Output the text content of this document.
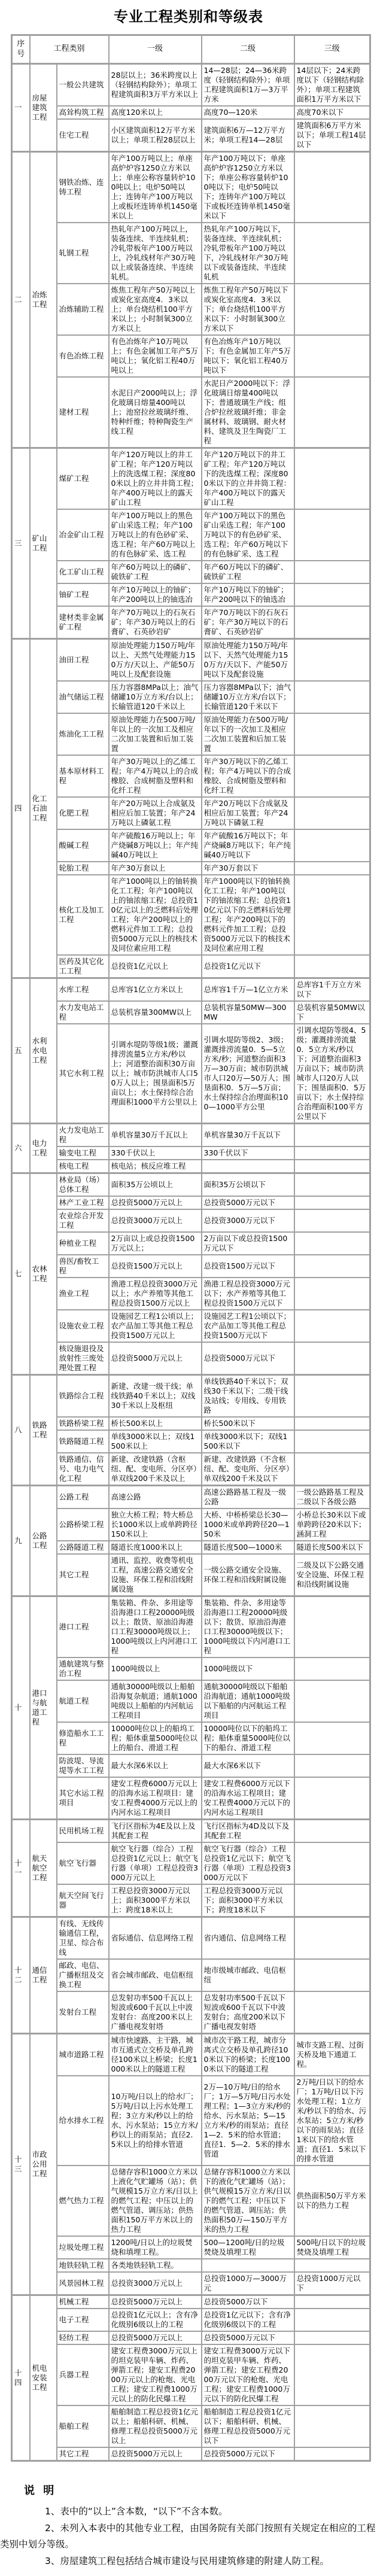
专业工程类别和等级表
序号	工程类别		一级	二级	三级
一	房屋建筑工程	一般公共建筑	28层以上；36米跨度以上（轻钢结构除外）；单项工程建筑面积3万平方米以上	14—28层；24—36米跨度（轻钢结构除外）；单项工程建筑面积1万—3万平方米	14层以下；24米跨度以下（轻钢结构除外）；单项工程建筑面积1万平方米以下
		高耸构筑工程	高度120米以上	高度70—120米	高度70米以下
		住宅工程	小区建筑面积12万平方米以上；单项工程28层以上	建筑面积6万—12万平方米；单项工程14—28层	建筑面积6万平方米以下；单项工程14层以下
二	冶炼工程	钢铁冶炼、连铸工程	年产100万吨以上；单座高炉炉容1250立方米以上；单座公称容量转炉100吨以上；电炉50吨以上；连铸年产100万吨以上或板坯连铸单机1450毫米以上	年产100万吨以下；单座高炉炉容1250立方米以下；单座公称容量转炉100吨以下；电炉50吨以下；连铸年产100万吨以下或板坯连铸单机1450毫米以下	
		轧钢工程	热轧年产100万吨以上，装备连续、半连续轧机；冷轧带板年产100万吨以上，冷轧线材年产30万吨以上或装备连续、半连续轧机。	热轧年产100万吨以下，装备连续、半连续轧机；冷轧带板年产100万吨以下，冷轧线材年产30万吨以下或装备连续、半连续轧机	
		冶炼辅助工程	炼焦工程年产50万吨以上或炭化室高度4．3米以上；单台烧结机100平方米以上；小时制氧300立方米以上	炼焦工程年产50万吨以下或炭化室高度4．3米以下；单台烧结机100平方米以下：小时制氧300立方米以下	
		有色冶炼工程	有色冶炼年产10万吨以上；有色金属加工年产5万吨以上；氧化铝工程40万吨以上	有色冶炼年产10万吨以下；有色金属加工年产5万吨以下；氧化铝工程40万吨以下	
		建材工程	水泥日产2000吨以上；浮化玻璃日熔量400吨以上；池窑拉丝玻璃纤维、特种纤维；特种陶瓷生产线工程	水泥日产2000吨以下：浮化玻璃日熔量400吨以下；普通玻璃生产线；组合炉拉丝玻璃纤维；非金属材料、玻璃钢、耐火材料、建筑及卫生陶瓷厂工程	
三	矿山工程	煤矿工程	年产120万吨以上的井工矿工程；年产120万吨以上的洗选煤工程；深度800米以上的立井井筒工程；年产400万吨以上的露天矿山工程	年产120万吨以下的井工矿工程；年产120万吨以下的洗选煤工程；深度800米以下的立井井筒工程：年产400万吨以下的露天矿山工程	
		冶金矿山工程	年产100万吨以上的黑色矿山采选工程；年产100万吨以上的有色砂矿采、选工程；年产60万吨以上的有色脉矿采、选工程	年产100万吨以下的黑色矿山采选工程；年产100万吨以下的有色砂矿采、选工程；年产60万吨以下的有色脉矿采、选工程	
		化工矿山工程	年产60万吨以上的磷矿、硫铁矿工程	年产60万吨以下的磷矿、硫铁矿工程	
		铀矿工程	年产10万吨以上的铀矿；年产200吨以上的铀选冶	年产10万吨以下的铀矿；年产200吨以下的铀选冶	
		建材类非金属矿工程	年产70万吨以上的石灰石矿；年产30万吨以上的石膏矿、石英砂岩矿	年产70万吨以下的石灰石矿；年产30万吨以下的石膏矿、石英砂岩矿	
四	化工石油工程	油田工程	原油处理能力150万吨/年以上、天然气处理能力150万方/天以上、产能50万吨以上及配套设施	原油处理能力150万吨/年以下、天然气处理能力150万方/天以下、产能50万吨以下及配套设施	
		油气储运工程	压力容器8MPa以上；油气储罐10万立方米/台以上；长输管道120千米以上	压力容器8MPa以下；油气储罐10万立方米/台以下；长输管道120千米以下	
		炼油化工工程	原油处理能力在500万吨/年以上的一次加工及相应二次加工装置和后加工装置	原油处理能力在500万吨/年以下的一次加工及相应二次加工装置和后加工装置	
		基本原材料工程	年产30万吨以上的乙烯工程；年产4万吨以上的合成橡胶、合成树脂及塑料和化纤工程	年产30万吨以下的乙烯工程；年产4万吨以下的合成橡胶、合成树脂及塑料和化纤工程	
		化肥工程	年产20万吨以上合成氨及相应后加工装置；年产24万吨以上磷氨工程	年产20万吨以下合成氨及相应后加工装置；年产24万吨以下磷氨工程	
		酸碱工程	年产硫酸16万吨以上；年产烧碱8万吨以上；年产纯碱40万吨以上	年产硫酸16万吨以下；年产烧碱8万吨以下；年产纯碱40万吨以下	
		轮胎工程	年产30万套以上	年产30万套以下	
		核化工及加工工程	年产1000吨以上的铀转换化工工程；年产100吨以上的铀浓缩工程；总投资10亿元以上的乏燃料后处理工程；年产200吨以上的燃料元件加工工程；总投资5000万元以上的核技术及同位素应用工程	年产1000吨以下的铀转换化工工程；年产100吨以下的铀浓缩工程；总投资10亿元以下的乏燃料后处理工程；年产200吨以下的燃料元件加工工程；总投资5000万元以下的核技术及同位素应用工程	
		医药及其它化工工程	总投资1亿元以上	总投资1亿元以下	
五	水利水电工程	水库工程	总库容1亿立方米以上	总库容1千万—1亿立方米	总库容1千万立方米以下
		水力发电站工程	总装机容量300MW以上	总装机容量50MW—300MW	总装机容量50MW以下
		其它水利工程	引调水堤防等级1级；灌溉排涝流量5立方米/秒以上；河道整治面积30万亩以上；城市防洪城市人口50万人以上；围垦面积5万亩以上；水土保持综合治理面积1000平方公里以上	引调水堤防等级2、3级；灌溉排涝流量0．5—5立方米/秒；河道整治面积3万—30万亩；城市防洪城市人口20万—50万人；围垦面积0．5万—5万亩；水土保持综合治理面积100—1000平方公里	引调水堤防等级4、5级；灌溉排涝流量0．5立方米/秒以下；河道整治面积3万亩以下；城市防洪城市人口20万人以下；围垦面积0．5万亩以下；水土保持综合治理面积100平方公里以下
六	电力工程	火力发电站工程	单机容量30万千瓦以上	单机容量30万千瓦以下	
		输变电工程	330千伏以上	330千伏以下	
		核电工程	核电站；核反应堆工程		
七	农林工程	林业局（场）总体工程	面积35万公顷以上	面积35万公顷以下	
		林产工业工程	总投资5000万元以上	总投资5000万元以下	
		农业综合开发工程	总投资3000万元以上	总投资3000万元以下	
		种植业工程	2万亩以上或总投资1500万元以上；	2万亩以下或总投资1500万元以下	
		兽医/畜牧工程	总投资1500万元以上	总投资1500万元以下	
		渔业工程	渔港工程总投资3000万元以上；水产养殖等其他工程总投资1500万元以上	渔港工程总投资3000万元以下；水产养殖等其他工程总投资1500万元以下	
		设施农业工程	设施园艺工程1公顷以上；农产品加工等其他工程总投资1500万元以上	设施园艺工程1公顷以下；农产品加工等其他工程总投资1500万元以下	
		核设施退役及放射性三废处理处置工程	总投资5000万元以上	总投资5000万元以下	
八	铁路工程	铁路综合工程	新建、改建一级干线；单线铁路40千米以上；双线30千米以上及枢纽	单线铁路40千米以下；双线30千米以下；二级干线及站线；专用线、专用铁路	
		铁路桥梁工程	桥长500米以上	桥长500米以下	
		铁路隧道工程	单线3000米以上；双线1500米以上	单线3000米以下；双线1500米以下	
		铁路通信、信号、电力电气化工程	新建、改建铁路（含枢纽、配、变电所、分区亭）单双线200千米及以上	新建、改建铁路（不含枢纽、配、变电所、分区亭）单双线200千米及以下	
九	公路工程	公路工程	高速公路	高速公路路基工程及一级公路	一级公路路基工程及二级以下各级公路
		公路桥梁工程	独立大桥工程；特大桥总长1000米以上或单跨跨径150米以上	大桥、中桥桥梁总长30—1000米或单跨跨径20—150米	小桥总长30米以下或单跨跨径20米以下；涵洞工程
		公路隧道工程	隧道长度1000米以上	隧道长度500—1000米	隧道长度500米以下
		其它工程	通讯、监控、收费等机电工程，高速公路交通安全设施、环保工程和沿线附属设施	一级公路交通安全设施、环保工程和沿线附属设施	二级及以下公路交通安全设施、环保工程和沿线附属设施
十	港口与航道工程	港口工程	集装箱、件杂、多用途等沿海港口工程20000吨级以上；散货、原油沿海港口工程30000吨级以上；1000吨级以上内河港口工程	集装箱、件杂、多用途等沿海港口工程20000吨级以下；散货、原油沿海港口工程30000吨级以下；1000吨级以下内河港口工程	
		通航建筑与整治工程	1000吨级以上	1000吨级以下	
		航道工程	通航30000吨级以上船舶沿海复杂航道；通航1000吨级以上船舶的内河航运工程项目	通航30000吨级以下船舶沿海航道；通航1000吨级以下船舶的内河航运工程项目	
		修造船水工工程	10000吨位以上的船坞工程；船体重量5000吨位以上的船台、滑道工程	10000吨位以下的船坞工程；船体重量5000吨位以下的船台、滑道工程	
		防波堤、导流堤等水工工程	最大水深6米以上	最大水深6米以下	
		其它水运工程项目	建安工程费6000万元以上的沿海水运工程项目：建安工程费4000万元以上的内河水运工程项目	建安工程费6000万元以下的沿海水运工程项目；建安工程费4000万元以下的内河水运工程项目	
十一	航天航空工程	民用机场工程	飞行区指标为4E及以上及其配套工程	飞行区指标为4D及以下及其配套工程	
		航空飞行器	航空飞行器（综合）工程总投资1亿元以上；航空飞行器（单项）工程总投资3000万元以上	航空飞行器（综合）工程总投资1亿元以下；航空飞行器（单项）工程总投资3000万元以下	
		航天空间飞行器	工程总投资3000万元以上；面积3000平方米以上：跨度18米以上	工程总投资3000万元以下；面积3000平方米以下；跨度18米以下	
十二	通信工程	有线、无线传输通信工程，卫星、综合布线	省际通信、信息网络工程	省内通信、信息网络工程	
		邮政、电信、广播枢纽及交换工程	省会城市邮政、电信枢纽	地市级城市邮政、电信枢纽	
		发射台工程	总发射功率500千瓦以上短波或600千瓦以上中波发射台：高度200米以上广播电视发射塔	总发射功率500千瓦以下短波或600千瓦以下中波发射台；高度200米以下广播电视发射塔	
十三	市政公用工程	城市道路工程	城市快速路、主干路，城市互通式立交桥及单孔跨径100米以上桥梁；长度1000米以上的隧道工程	城市次干路工程，城市分离式立交桥及单孔跨径100米以下的桥梁；长度1000米以下的隧道工程	城市支路工程、过街天桥及地下通道工程。
		给水排水工程	10万吨/日以上的给水厂；5万吨/日以上污水处理工程；3立方米/秒以上的给水、污水泵站；15立方米/秒以上的雨泵站；直径2．5米以上的给排水管道	2万—10万吨/日的给水厂；1万—5万吨/日污水处理工程；1—3立方米/秒的给水、污水泵站；5—15 立方米/秒的雨泵站；直径1—2．5米的给水管道；直径1．5—2．5米的排水管道	2万吨/日以下的给水厂；1万吨/日以下污水处理工程；1立方米/秒以下的给水、污水泵站；5立方米/秒以下的雨泵站；直径1米以下的给水管道；直径1．5米以下的排水管道
		燃气热力工程	总储存容积1000立方米以上液化气贮罐场（站）；供气规模15万立方米/日以上的燃气工程；中压以上的燃气管道、调压站；供热面积150万平方米以上的热力工程	总储存容积1000立方米以下的液化气贮罐场（站）；供气规模15万立方米/日以下的燃气工程；中压以下的燃气管道、调压站；供热面积50万—150万平方米的热力工程	供热面积50万平方米以下的热力工程
		垃圾处理工程	1200吨/日以上的垃圾焚烧和填埋工程。	500—1200吨/日的垃圾焚烧及填埋工程	500吨/日以下的垃圾焚烧及填埋工程
		地铁轻轨工程	各类地铁轻轨工程。		
		风景园林工程	总投资3000万元以上	总投资1000万—3000万元	总投资1000万元以下
十四	机电安装工程	机械工程	总投资5000万元以上	总投资5000万以下	
		电子工程	总投资1亿元以上；含有净化级别6级以上的工程	总投资1亿元以下；含有净化级别6级以下的工程	
		轻纺工程	总投资5000万元以上	总投资5000万元以下	
		兵器工程	建安工程费3000万元以上的坦克装甲车辆、炸药、弹箭工程；建安工程费2000万元以上的枪炮、光电工程；建安工程费1000万元以上的防化民爆工程	建安工程费3000万元以下的坦克装甲车辆、炸药、弹箭工程；建安工程费2000万元以下的枪炮、光电工程；建安工程费1000万元以下的防化民爆工程	
		船舶工程	船舶制造工程总投资1亿元以上；船舶科研、机械、修理工程总投资5000万元以上	船舶制造工程总投资1亿元以下；船舶科研、机械、修理工程总投资5000万元以下	
		其它工程	总投资5000万元以上	总投资5000万元以下	
说 明

1、表中的“以上”含本数，“以下”不含本数。

2、未列入本表中的其他专业工程，由国务院有关部门按照有关规定在相应的工程类别中划分等级。

3、房屋建筑工程包括结合城市建设与民用建筑修建的附建人防工程。
